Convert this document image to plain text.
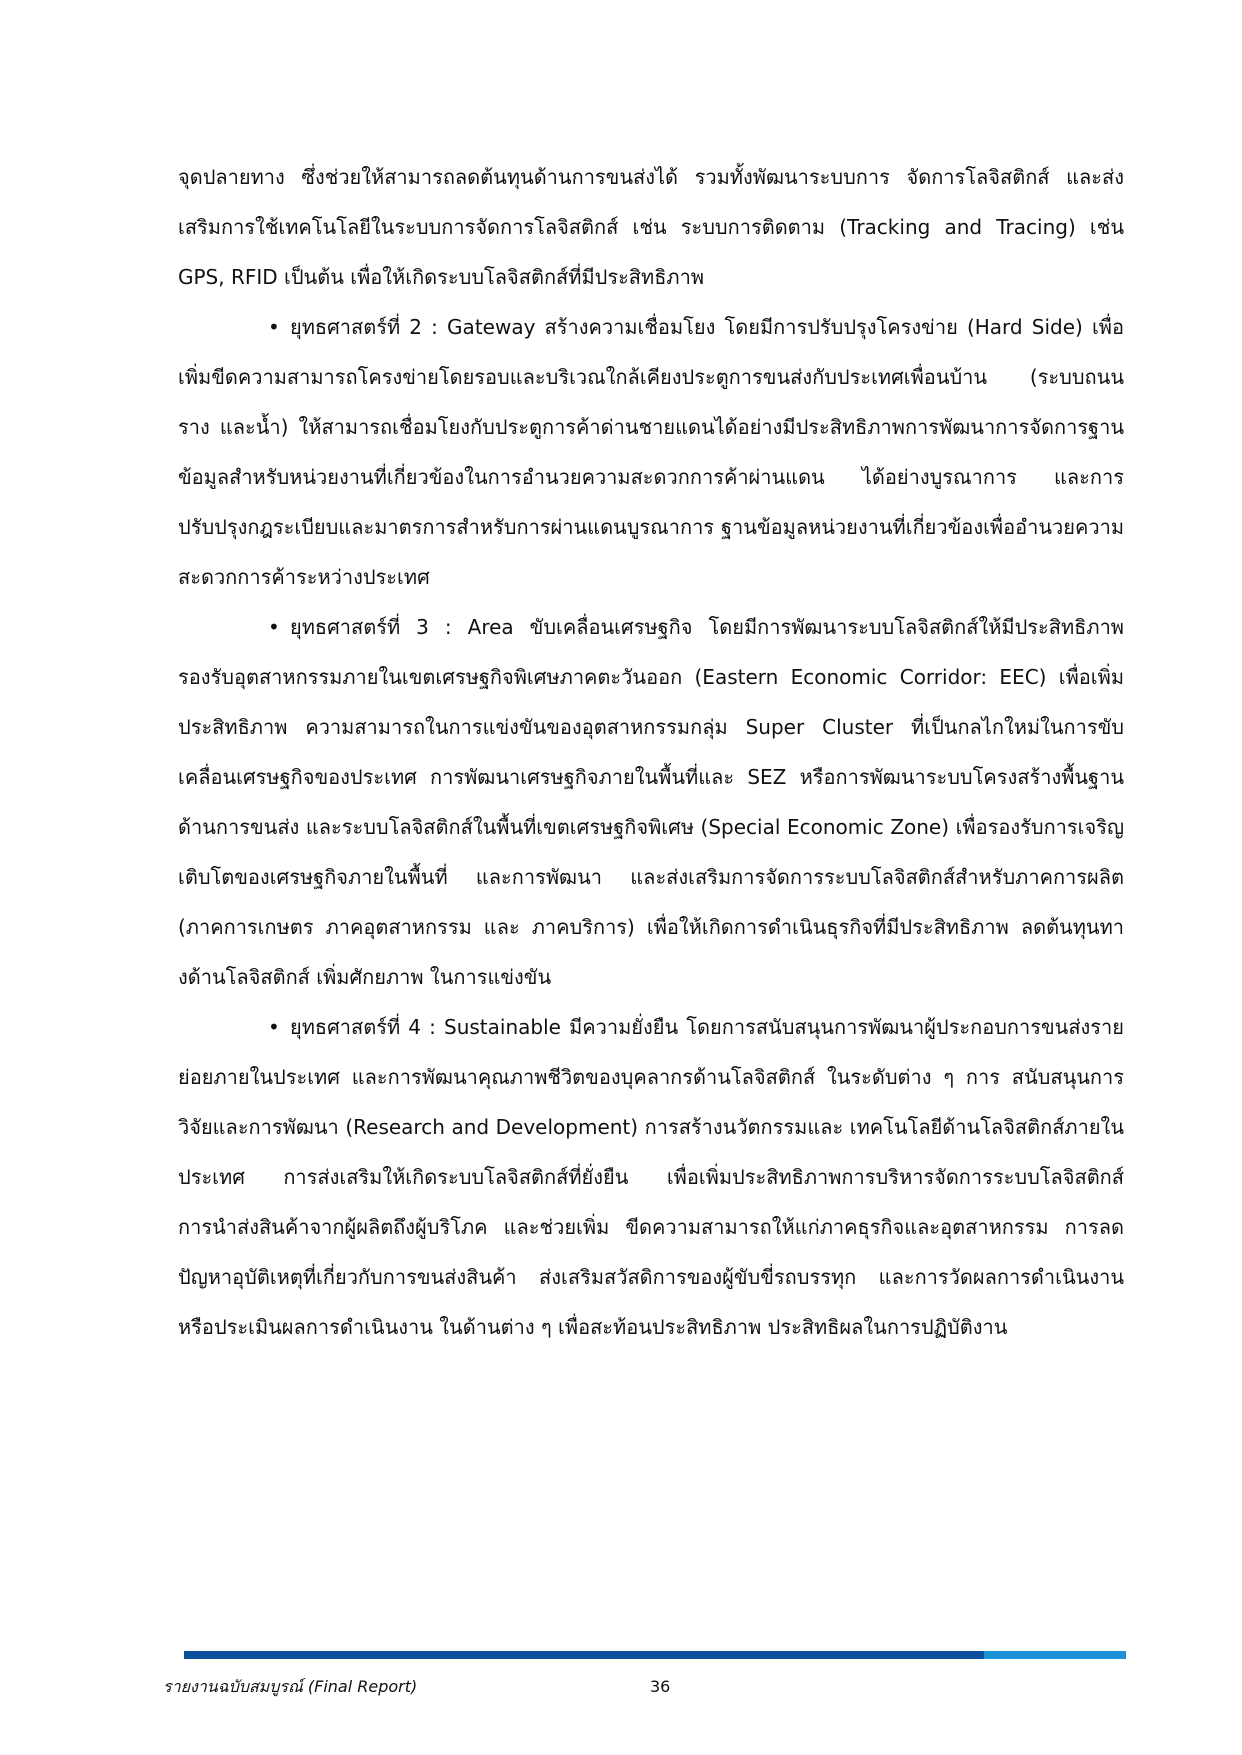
จุดปลายทาง ซึ่งช่วยให้สามารถลดต้นทุนด้านการขนส่งได้ รวมทั้งพัฒนาระบบการ จัดการโลจิสติกส์ และส่งเสริมการใช้เทคโนโลยีในระบบการจัดการโลจิสติกส์ เช่น ระบบการติดตาม (Tracking and Tracing) เช่น GPS, RFID เป็นต้น เพื่อให้เกิดระบบโลจิสติกส์ที่มีประสิทธิภาพ

• ยุทธศาสตร์ที่ 2 : Gateway สร้างความเชื่อมโยง โดยมีการปรับปรุงโครงข่าย (Hard Side) เพื่อเพิ่มขีดความสามารถโครงข่ายโดยรอบและบริเวณใกล้เคียงประตูการขนส่งกับประเทศเพื่อนบ้าน (ระบบถนน ราง และน้ำ) ให้สามารถเชื่อมโยงกับประตูการค้าด่านชายแดนได้อย่างมีประสิทธิภาพการพัฒนาการจัดการฐานข้อมูลสำหรับหน่วยงานที่เกี่ยวข้องในการอำนวยความสะดวกการค้าผ่านแดน ได้อย่างบูรณาการ และการปรับปรุงกฎระเบียบและมาตรการสำหรับการผ่านแดนบูรณาการ ฐานข้อมูลหน่วยงานที่เกี่ยวข้องเพื่ออำนวยความสะดวกการค้าระหว่างประเทศ

• ยุทธศาสตร์ที่ 3 : Area ขับเคลื่อนเศรษฐกิจ โดยมีการพัฒนาระบบโลจิสติกส์ให้มีประสิทธิภาพรองรับอุตสาหกรรมภายในเขตเศรษฐกิจพิเศษภาคตะวันออก (Eastern Economic Corridor: EEC) เพื่อเพิ่มประสิทธิภาพ ความสามารถในการแข่งขันของอุตสาหกรรมกลุ่ม Super Cluster ที่เป็นกลไกใหม่ในการขับเคลื่อนเศรษฐกิจของประเทศ การพัฒนาเศรษฐกิจภายในพื้นที่และ SEZ หรือการพัฒนาระบบโครงสร้างพื้นฐานด้านการขนส่ง และระบบโลจิสติกส์ในพื้นที่เขตเศรษฐกิจพิเศษ (Special Economic Zone) เพื่อรองรับการเจริญเติบโตของเศรษฐกิจภายในพื้นที่ และการพัฒนา และส่งเสริมการจัดการระบบโลจิสติกส์สำหรับภาคการผลิต (ภาคการเกษตร ภาคอุตสาหกรรม และ ภาคบริการ) เพื่อให้เกิดการดำเนินธุรกิจที่มีประสิทธิภาพ ลดต้นทุนทางด้านโลจิสติกส์ เพิ่มศักยภาพ ในการแข่งขัน

• ยุทธศาสตร์ที่ 4 : Sustainable มีความยั่งยืน โดยการสนับสนุนการพัฒนาผู้ประกอบการขนส่งราย ย่อยภายในประเทศ และการพัฒนาคุณภาพชีวิตของบุคลากรด้านโลจิสติกส์ ในระดับต่าง ๆ การ สนับสนุนการวิจัยและการพัฒนา (Research and Development) การสร้างนวัตกรรมและ เทคโนโลยีด้านโลจิสติกส์ภายในประเทศ การส่งเสริมให้เกิดระบบโลจิสติกส์ที่ยั่งยืน เพื่อเพิ่มประสิทธิภาพการบริหารจัดการระบบโลจิสติกส์ การนำส่งสินค้าจากผู้ผลิตถึงผู้บริโภค และช่วยเพิ่ม ขีดความสามารถให้แก่ภาคธุรกิจและอุตสาหกรรม การลดปัญหาอุบัติเหตุที่เกี่ยวกับการขนส่งสินค้า ส่งเสริมสวัสดิการของผู้ขับขี่รถบรรทุก และการวัดผลการดำเนินงานหรือประเมินผลการดำเนินงาน ในด้านต่าง ๆ เพื่อสะท้อนประสิทธิภาพ ประสิทธิผลในการปฏิบัติงาน

รายงานฉบับสมบูรณ์ (Final Report)	36
